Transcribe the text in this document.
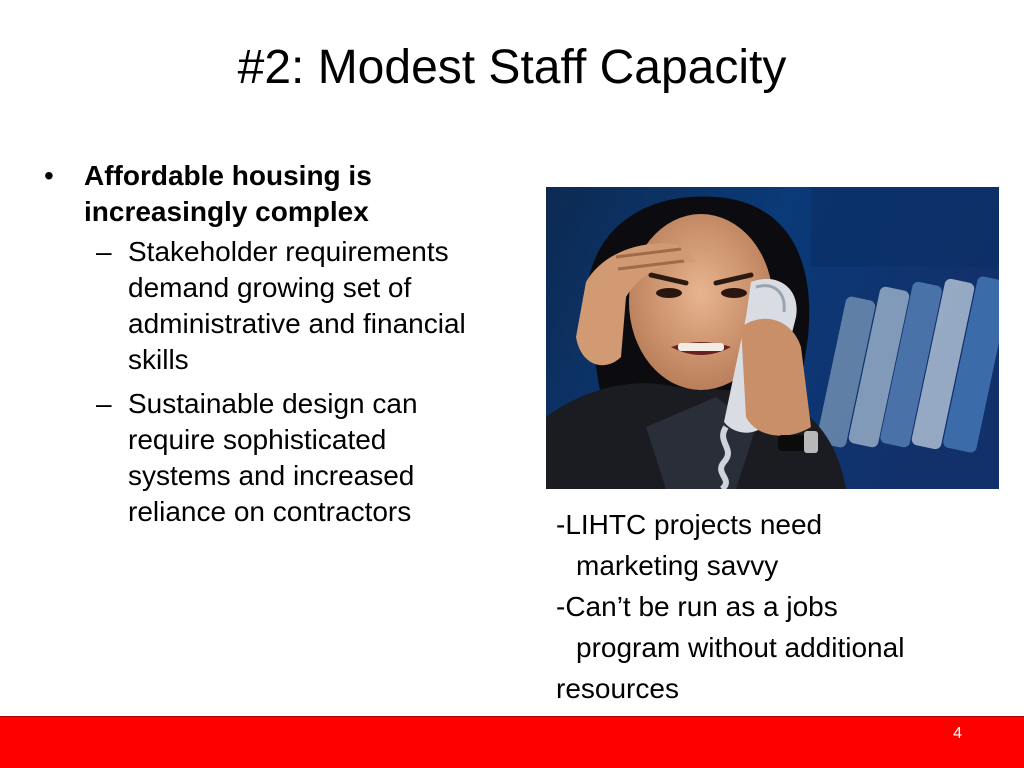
#2: Modest Staff Capacity
• Affordable housing is
increasingly complex
– Stakeholder requirements demand growing set of administrative and financial skills
– Sustainable design can require sophisticated systems and increased reliance on contractors	-LIHTC projects need
marketing savvy
-Can’t be run as a jobs
program without additional
resources
4
